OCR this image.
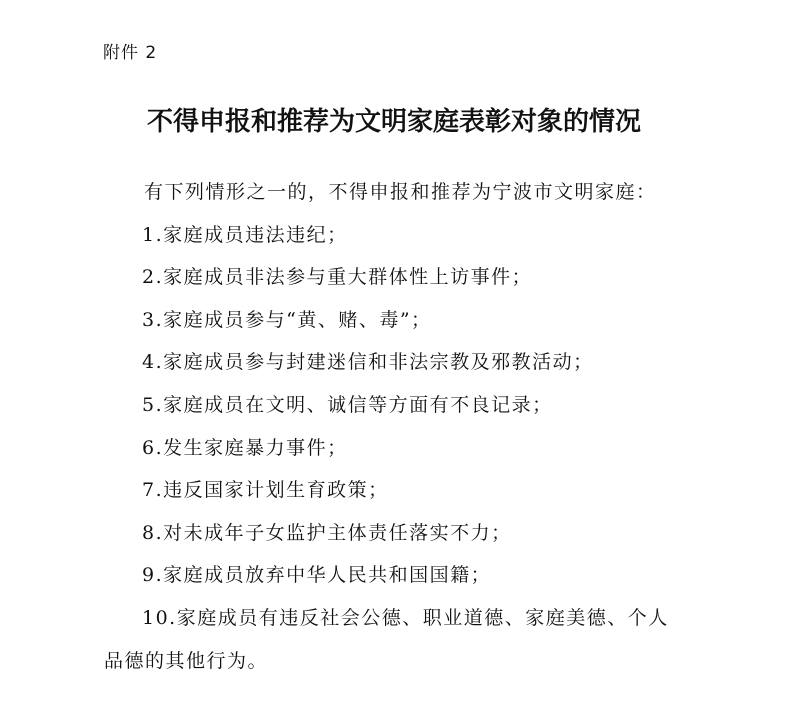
附件 2
不得申报和推荐为文明家庭表彰对象的情况
有下列情形之一的，不得申报和推荐为宁波市文明家庭：
1.家庭成员违法违纪；
2.家庭成员非法参与重大群体性上访事件；
3.家庭成员参与“黄、赌、毒”；
4.家庭成员参与封建迷信和非法宗教及邪教活动；
5.家庭成员在文明、诚信等方面有不良记录；
6.发生家庭暴力事件；
7.违反国家计划生育政策；
8.对未成年子女监护主体责任落实不力；
9.家庭成员放弃中华人民共和国国籍；
10.家庭成员有违反社会公德、职业道德、家庭美德、个人
品德的其他行为。
